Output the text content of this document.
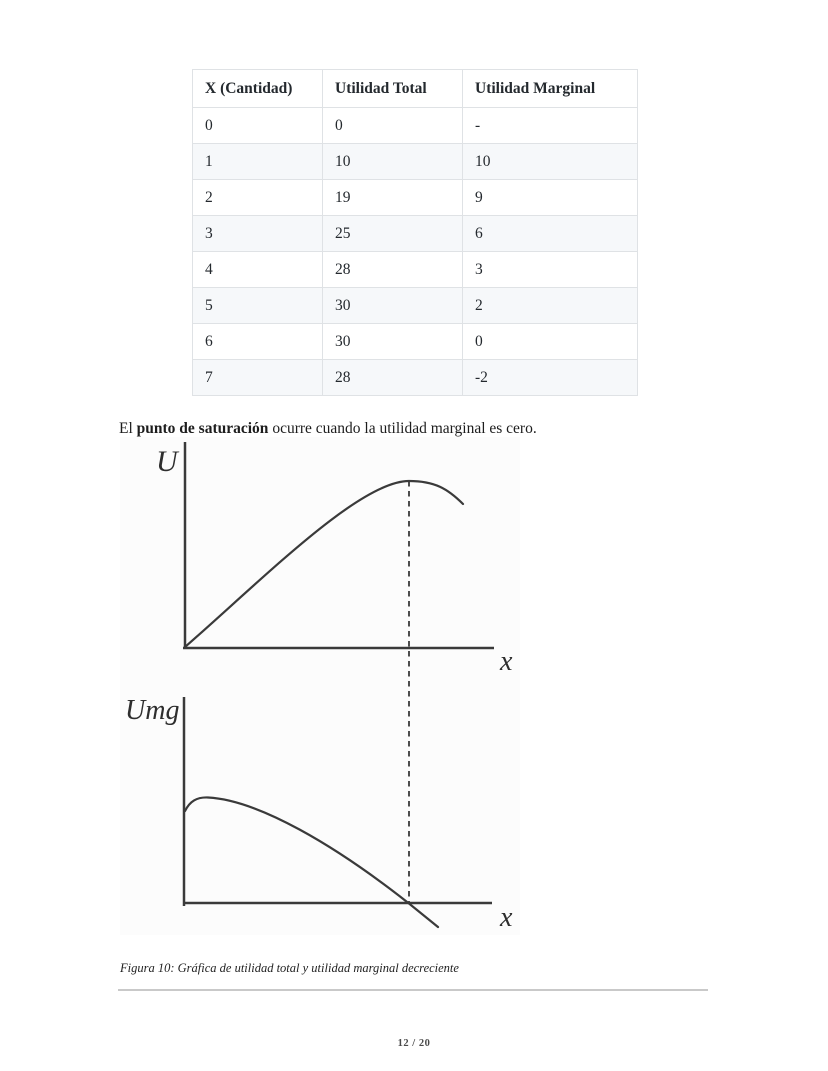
X (Cantidad)	Utilidad Total	Utilidad Marginal
0	0	-
1	10	10
2	19	9
3	25	6
4	28	3
5	30	2
6	30	0
7	28	-2

El punto de saturación ocurre cuando la utilidad marginal es cero.

U
x
Umg
x
Figura 10: Gráfica de utilidad total y utilidad marginal decreciente
12 / 20
